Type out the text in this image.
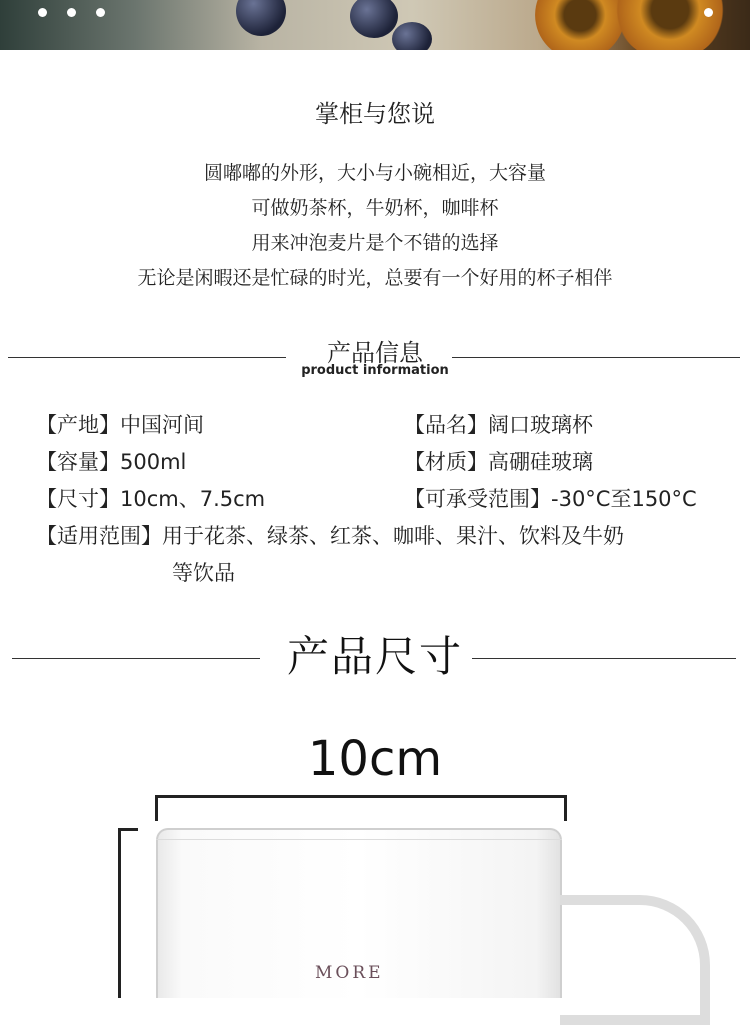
掌柜与您说
圆嘟嘟的外形，大小与小碗相近，大容量
可做奶茶杯，牛奶杯，咖啡杯
用来冲泡麦片是个不错的选择
无论是闲暇还是忙碌的时光，总要有一个好用的杯子相伴
产品信息
product information
【产地】中国河间	【品名】阔口玻璃杯
【容量】500ml	【材质】高硼硅玻璃
【尺寸】10cm、7.5cm	【可承受范围】-30°C至150°C
【适用范围】用于花茶、绿茶、红茶、咖啡、果汁、饮料及牛奶
等饮品
产品尺寸
10cm
MORE
